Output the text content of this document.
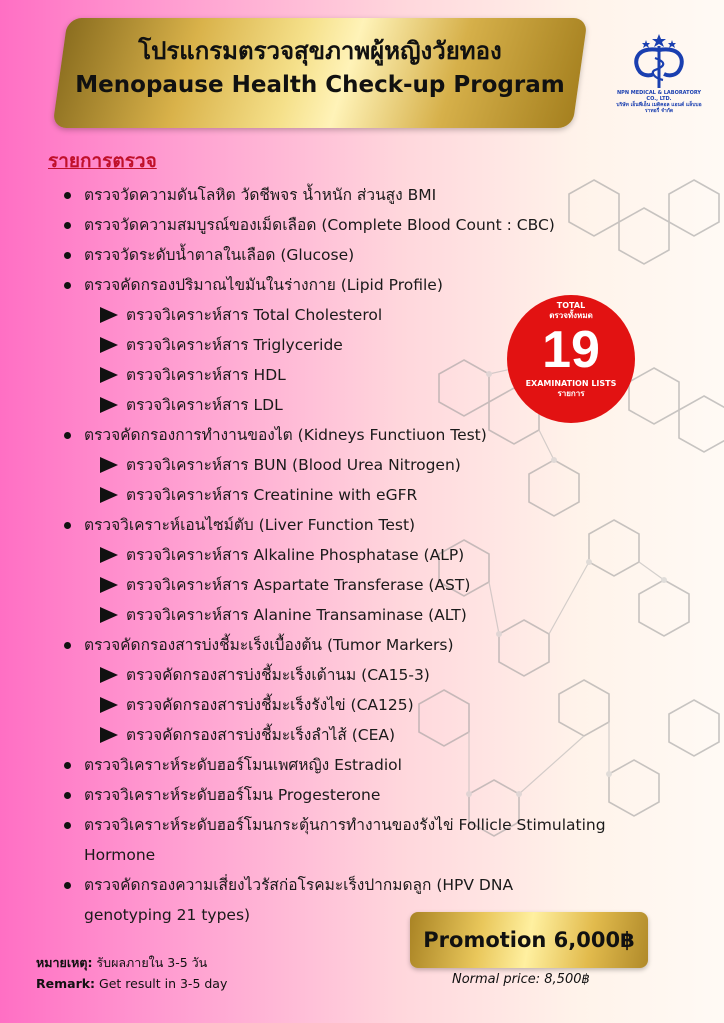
โปรแกรมตรวจสุขภาพผู้หญิงวัยทอง
Menopause Health Check-up Program	NPN MEDICAL & LABORATORY CO., LTD.
บริษัท เอ็นพีเอ็น เมดิคอล แอนด์ แล็บบอราทอรี่ จำกัด
รายการตรวจ
ตรวจวัดความดันโลหิต วัดชีพจร น้ำหนัก ส่วนสูง BMI
ตรวจวัดความสมบูรณ์ของเม็ดเลือด (Complete Blood Count : CBC)
ตรวจวัดระดับน้ำตาลในเลือด (Glucose)
ตรวจคัดกรองปริมาณไขมันในร่างกาย (Lipid Profile)
ตรวจวิเคราะห์สาร Total Cholesterol
ตรวจวิเคราะห์สาร Triglyceride
ตรวจวิเคราะห์สาร HDL
ตรวจวิเคราะห์สาร LDL
ตรวจคัดกรองการทำงานของไต (Kidneys Functiuon Test)
ตรวจวิเคราะห์สาร BUN (Blood Urea Nitrogen)
ตรวจวิเคราะห์สาร Creatinine with eGFR
ตรวจวิเคราะห์เอนไซม์ตับ (Liver Function Test)
ตรวจวิเคราะห์สาร Alkaline Phosphatase (ALP)
ตรวจวิเคราะห์สาร Aspartate Transferase (AST)
ตรวจวิเคราะห์สาร Alanine Transaminase (ALT)
ตรวจคัดกรองสารบ่งชี้มะเร็งเบื้องต้น (Tumor Markers)
ตรวจคัดกรองสารบ่งชี้มะเร็งเต้านม (CA15-3)
ตรวจคัดกรองสารบ่งชี้มะเร็งรังไข่ (CA125)
ตรวจคัดกรองสารบ่งชี้มะเร็งลำไส้ (CEA)
ตรวจวิเคราะห์ระดับฮอร์โมนเพศหญิง Estradiol
ตรวจวิเคราะห์ระดับฮอร์โมน Progesterone
ตรวจวิเคราะห์ระดับฮอร์โมนกระตุ้นการทำงานของรังไข่ Follicle Stimulating Hormone
ตรวจคัดกรองความเสี่ยงไวรัสก่อโรคมะเร็งปากมดลูก (HPV DNA genotyping 21 types)
TOTAL
ตรวจทั้งหมด
19
EXAMINATION LISTS
รายการ
หมายเหตุ: รับผลภายใน 3-5 วัน
Remark: Get result in 3-5 day
Promotion 6,000฿
Normal price: 8,500฿
